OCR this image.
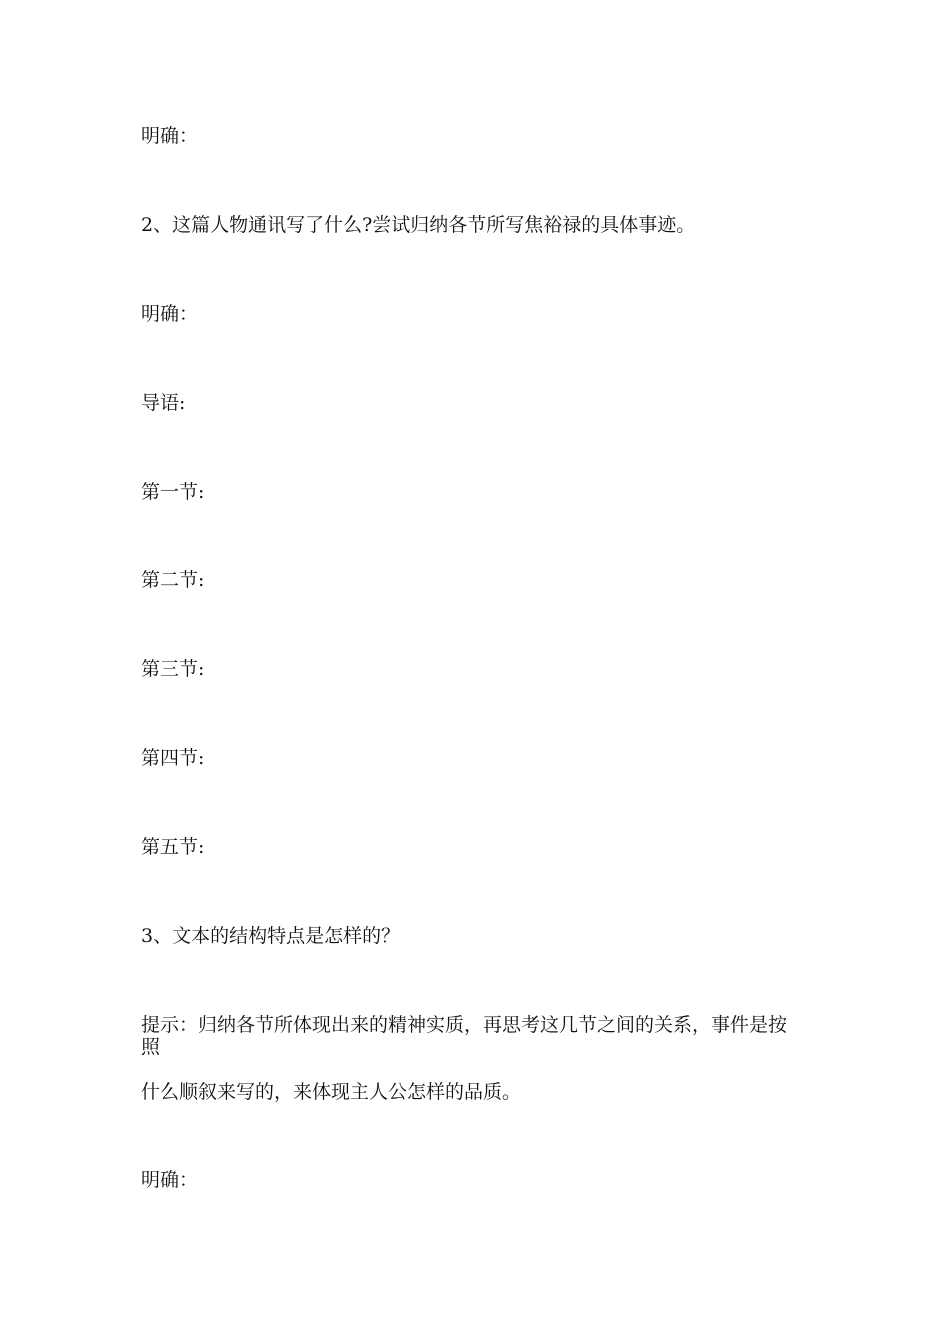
明确：

2、这篇人物通讯写了什么?尝试归纳各节所写焦裕禄的具体事迹。

明确：

导语:

第一节:

第二节:

第三节:

第四节:

第五节:

3、文本的结构特点是怎样的？

提示：归纳各节所体现出来的精神实质，再思考这几节之间的关系，事件是按

照

什么顺叙来写的，来体现主人公怎样的品质。

明确：
